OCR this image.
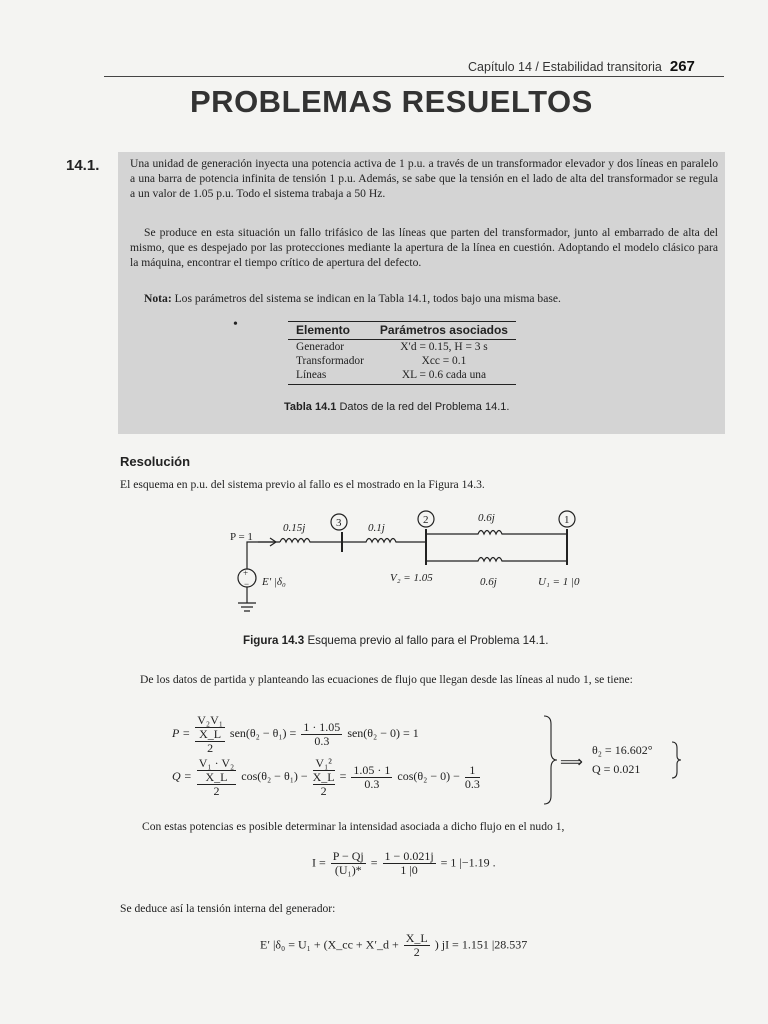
Capítulo 14 / Estabilidad transitoria 267
PROBLEMAS RESUELTOS
14.1.	Una unidad de generación inyecta una potencia activa de 1 p.u. a través de un transformador elevador y dos líneas en paralelo a una barra de potencia infinita de tensión 1 p.u. Además, se sabe que la tensión en el lado de alta del transformador se regula a un valor de 1.05 p.u. Todo el sistema trabaja a 50 Hz.

Se produce en esta situación un fallo trifásico de las líneas que parten del transformador, junto al embarrado de alta del mismo, que es despejado por las protecciones mediante la apertura de la línea en cuestión. Adoptando el modelo clásico para la máquina, encontrar el tiempo crítico de apertura del defecto.

Nota: Los parámetros del sistema se indican en la Tabla 14.1, todos bajo una misma base.

•	Elemento	Parámetros asociados
Generador	X′d = 0.15, H = 3 s
Transformador	Xcc = 0.1
Líneas	XL = 0.6 cada una
Tabla 14.1 Datos de la red del Problema 14.1.
Resolución
El esquema en p.u. del sistema previo al fallo es el mostrado en la Figura 14.3.
+
−
P = 1
0.15j	3 0.1j
2	0.6j	1
E′ |δ₀	V₂ = 1.05	0.6j	U₁ = 1 |0
Figura 14.3 Esquema previo al fallo para el Problema 14.1.

De los datos de partida y planteando las ecuaciones de flujo que llegan desde las líneas al nudo 1, se tiene:

P =
V₂V₁
X_L
2
$sen(\theta_2 - \theta_1) = \frac{1 \cdot 1.05}{0.3} sen(\theta_2 - 0) = 1$
Q =
V₁ · V₂
X_L
2
cos(θ₂ − θ₁) −
V₁²
X_L
2
= $\frac{1.05 \cdot 1}{0.3} \cos(\theta_2 - 0) - \frac{1}{0.3}$
⟹
θ₂ = 16.602°
Q = 0.021
Con estas potencias es posible determinar la intensidad asociada a dicho flujo en el nudo 1,
$I = \frac{P - Qj}{\text{(U₁)*}} = \frac{1 - 0.021j}{1 |0} = 1$ |−1.19 .
Se deduce así la tensión interna del generador:
E′ |δ₀ = U₁ + (X_cc + X′_d + $\frac{X\_L}{2}$ ) jI = 1.151 |28.537
